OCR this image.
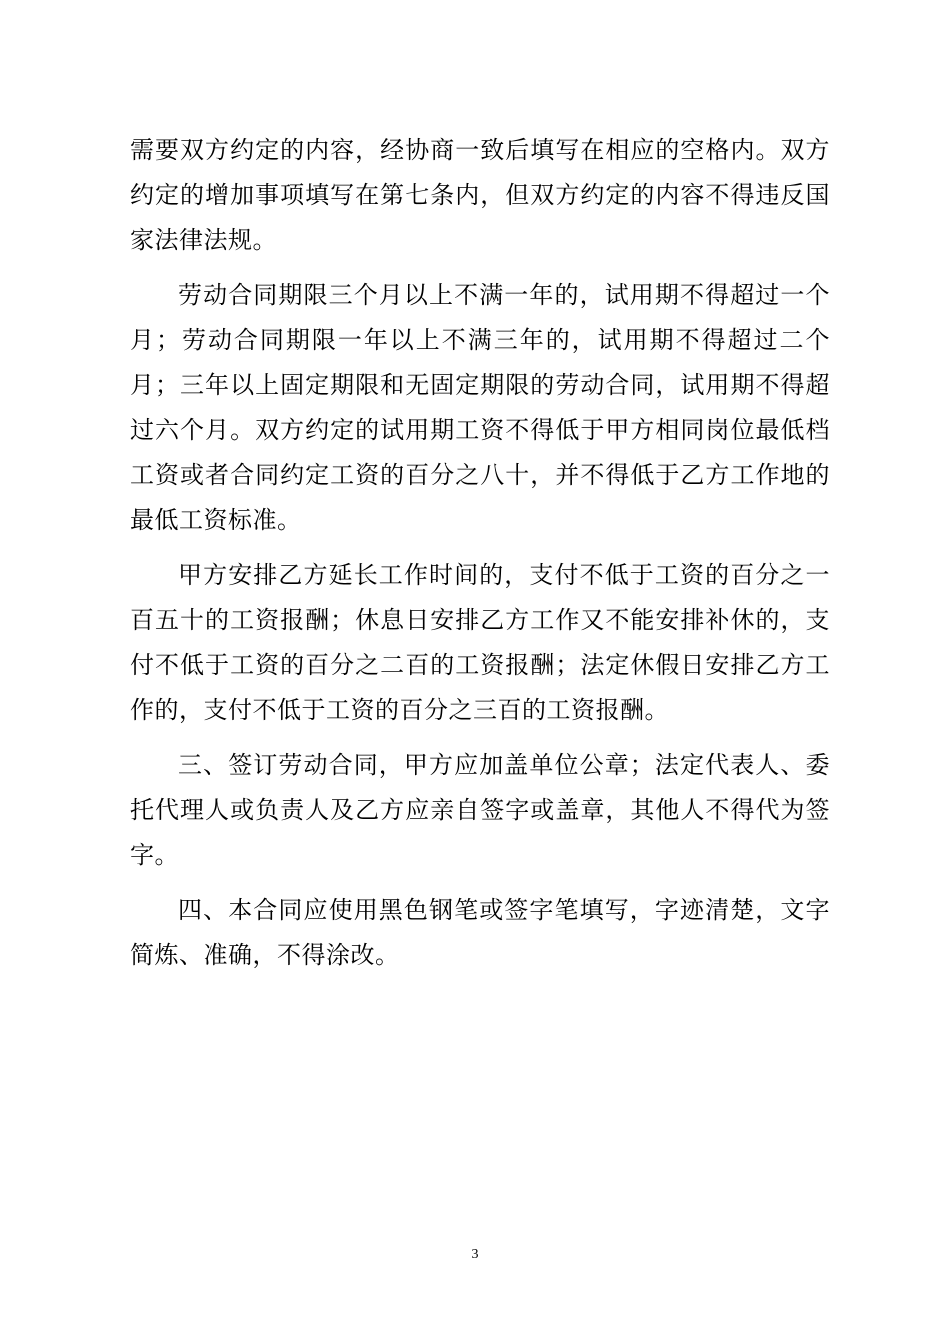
需要双方约定的内容，经协商一致后填写在相应的空格内。双方约定的增加事项填写在第七条内，但双方约定的内容不得违反国家法律法规。

劳动合同期限三个月以上不满一年的，试用期不得超过一个月；劳动合同期限一年以上不满三年的，试用期不得超过二个月；三年以上固定期限和无固定期限的劳动合同，试用期不得超过六个月。双方约定的试用期工资不得低于甲方相同岗位最低档工资或者合同约定工资的百分之八十，并不得低于乙方工作地的最低工资标准。

甲方安排乙方延长工作时间的，支付不低于工资的百分之一百五十的工资报酬；休息日安排乙方工作又不能安排补休的，支付不低于工资的百分之二百的工资报酬；法定休假日安排乙方工作的，支付不低于工资的百分之三百的工资报酬。

三、签订劳动合同，甲方应加盖单位公章；法定代表人、委托代理人或负责人及乙方应亲自签字或盖章，其他人不得代为签字。

四、本合同应使用黑色钢笔或签字笔填写，字迹清楚，文字简炼、准确，不得涂改。

3
